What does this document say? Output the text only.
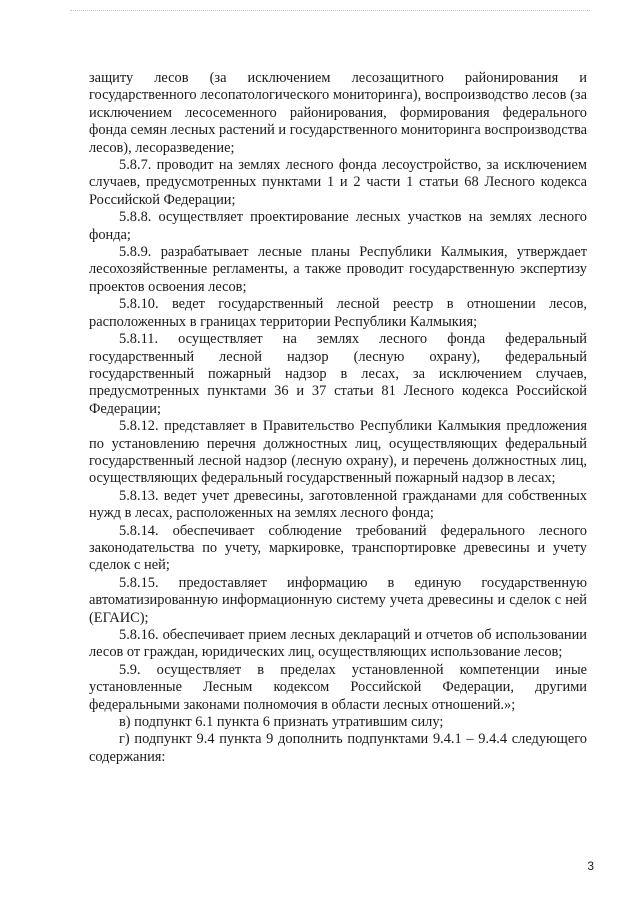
защиту лесов (за исключением лесозащитного районирования и государственного лесопатологического мониторинга), воспроизводство лесов (за исключением лесосеменного районирования, формирования федерального фонда семян лесных растений и государственного мониторинга воспроизводства лесов), лесоразведение;

5.8.7. проводит на землях лесного фонда лесоустройство, за исключением случаев, предусмотренных пунктами 1 и 2 части 1 статьи 68 Лесного кодекса Российской Федерации;

5.8.8. осуществляет проектирование лесных участков на землях лесного фонда;

5.8.9. разрабатывает лесные планы Республики Калмыкия, утверждает лесохозяйственные регламенты, а также проводит государственную экспертизу проектов освоения лесов;

5.8.10. ведет государственный лесной реестр в отношении лесов, расположенных в границах территории Республики Калмыкия;

5.8.11. осуществляет на землях лесного фонда федеральный государственный лесной надзор (лесную охрану), федеральный государственный пожарный надзор в лесах, за исключением случаев, предусмотренных пунктами 36 и 37 статьи 81 Лесного кодекса Российской Федерации;

5.8.12. представляет в Правительство Республики Калмыкия предложения по установлению перечня должностных лиц, осуществляющих федеральный государственный лесной надзор (лесную охрану), и перечень должностных лиц, осуществляющих федеральный государственный пожарный надзор в лесах;

5.8.13. ведет учет древесины, заготовленной гражданами для собственных нужд в лесах, расположенных на землях лесного фонда;

5.8.14. обеспечивает соблюдение требований федерального лесного законодательства по учету, маркировке, транспортировке древесины и учету сделок с ней;

5.8.15. предоставляет информацию в единую государственную автоматизированную информационную систему учета древесины и сделок с ней (ЕГАИС);

5.8.16. обеспечивает прием лесных деклараций и отчетов об использовании лесов от граждан, юридических лиц, осуществляющих использование лесов;

5.9. осуществляет в пределах установленной компетенции иные установленные Лесным кодексом Российской Федерации, другими федеральными законами полномочия в области лесных отношений.»;

в) подпункт 6.1 пункта 6 признать утратившим силу;

г) подпункт 9.4 пункта 9 дополнить подпунктами 9.4.1 – 9.4.4 следующего содержания:

3
